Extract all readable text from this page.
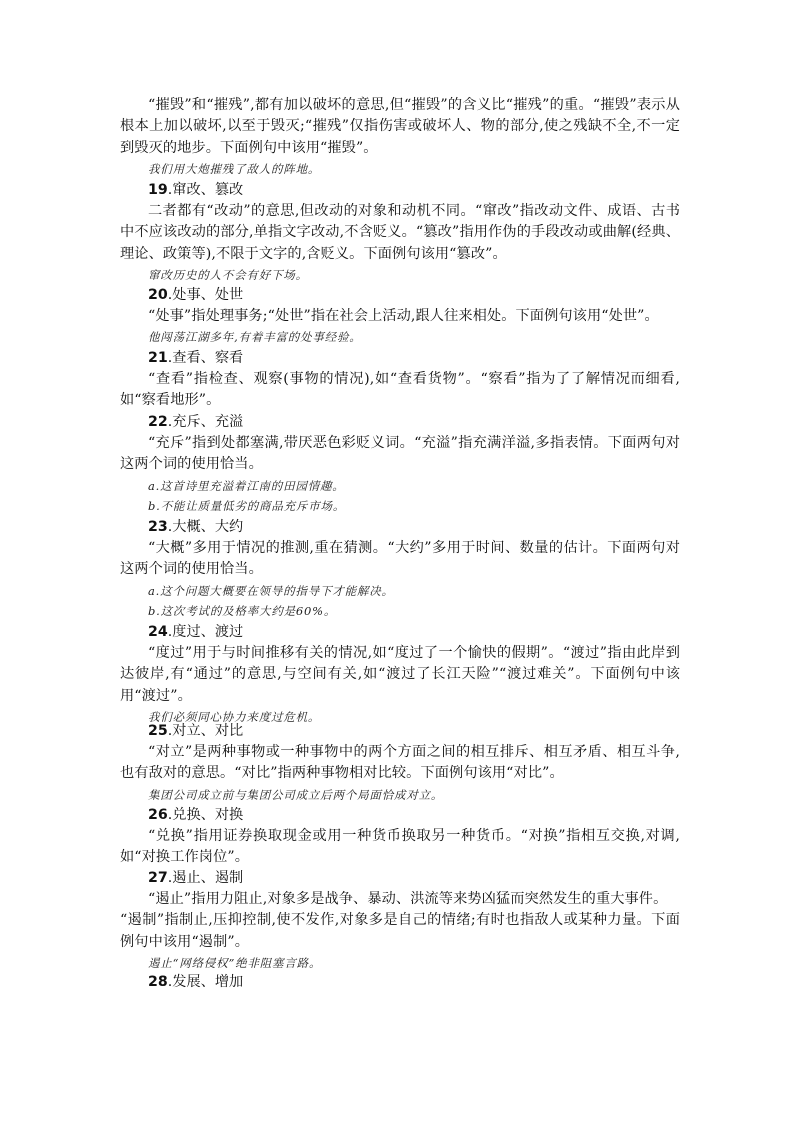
“摧毁”和“摧残”,都有加以破坏的意思,但“摧毁”的含义比“摧残”的重。“摧毁”表示从根本上加以破坏,以至于毁灭;“摧残”仅指伤害或破坏人、物的部分,使之残缺不全,不一定到毁灭的地步。下面例句中该用“摧毁”。

我们用大炮摧残了敌人的阵地。

19.窜改、篡改

二者都有“改动”的意思,但改动的对象和动机不同。“窜改”指改动文件、成语、古书中不应该改动的部分,单指文字改动,不含贬义。“篡改”指用作伪的手段改动或曲解(经典、理论、政策等),不限于文字的,含贬义。下面例句该用“篡改”。

窜改历史的人不会有好下场。

20.处事、处世

“处事”指处理事务;“处世”指在社会上活动,跟人往来相处。下面例句该用“处世”。

他闯荡江湖多年,有着丰富的处事经验。

21.查看、察看

“查看”指检查、观察(事物的情况),如“查看货物”。“察看”指为了了解情况而细看,如“察看地形”。

22.充斥、充溢

“充斥”指到处都塞满,带厌恶色彩贬义词。“充溢”指充满洋溢,多指表情。下面两句对这两个词的使用恰当。

a.这首诗里充溢着江南的田园情趣。

b.不能让质量低劣的商品充斥市场。

23.大概、大约

“大概”多用于情况的推测,重在猜测。“大约”多用于时间、数量的估计。下面两句对这两个词的使用恰当。

a.这个问题大概要在领导的指导下才能解决。

b.这次考试的及格率大约是60%。

24.度过、渡过

“度过”用于与时间推移有关的情况,如“度过了一个愉快的假期”。“渡过”指由此岸到达彼岸,有“通过”的意思,与空间有关,如“渡过了长江天险”“渡过难关”。下面例句中该用“渡过”。

我们必须同心协力来度过危机。

25.对立、对比

“对立”是两种事物或一种事物中的两个方面之间的相互排斥、相互矛盾、相互斗争,也有敌对的意思。“对比”指两种事物相对比较。下面例句该用“对比”。

集团公司成立前与集团公司成立后两个局面恰成对立。

26.兑换、对换

“兑换”指用证券换取现金或用一种货币换取另一种货币。“对换”指相互交换,对调,如“对换工作岗位”。

27.遏止、遏制

“遏止”指用力阻止,对象多是战争、暴动、洪流等来势凶猛而突然发生的重大事件。

“遏制”指制止,压抑控制,使不发作,对象多是自己的情绪;有时也指敌人或某种力量。下面例句中该用“遏制”。

遏止“网络侵权”绝非阻塞言路。

28.发展、增加
